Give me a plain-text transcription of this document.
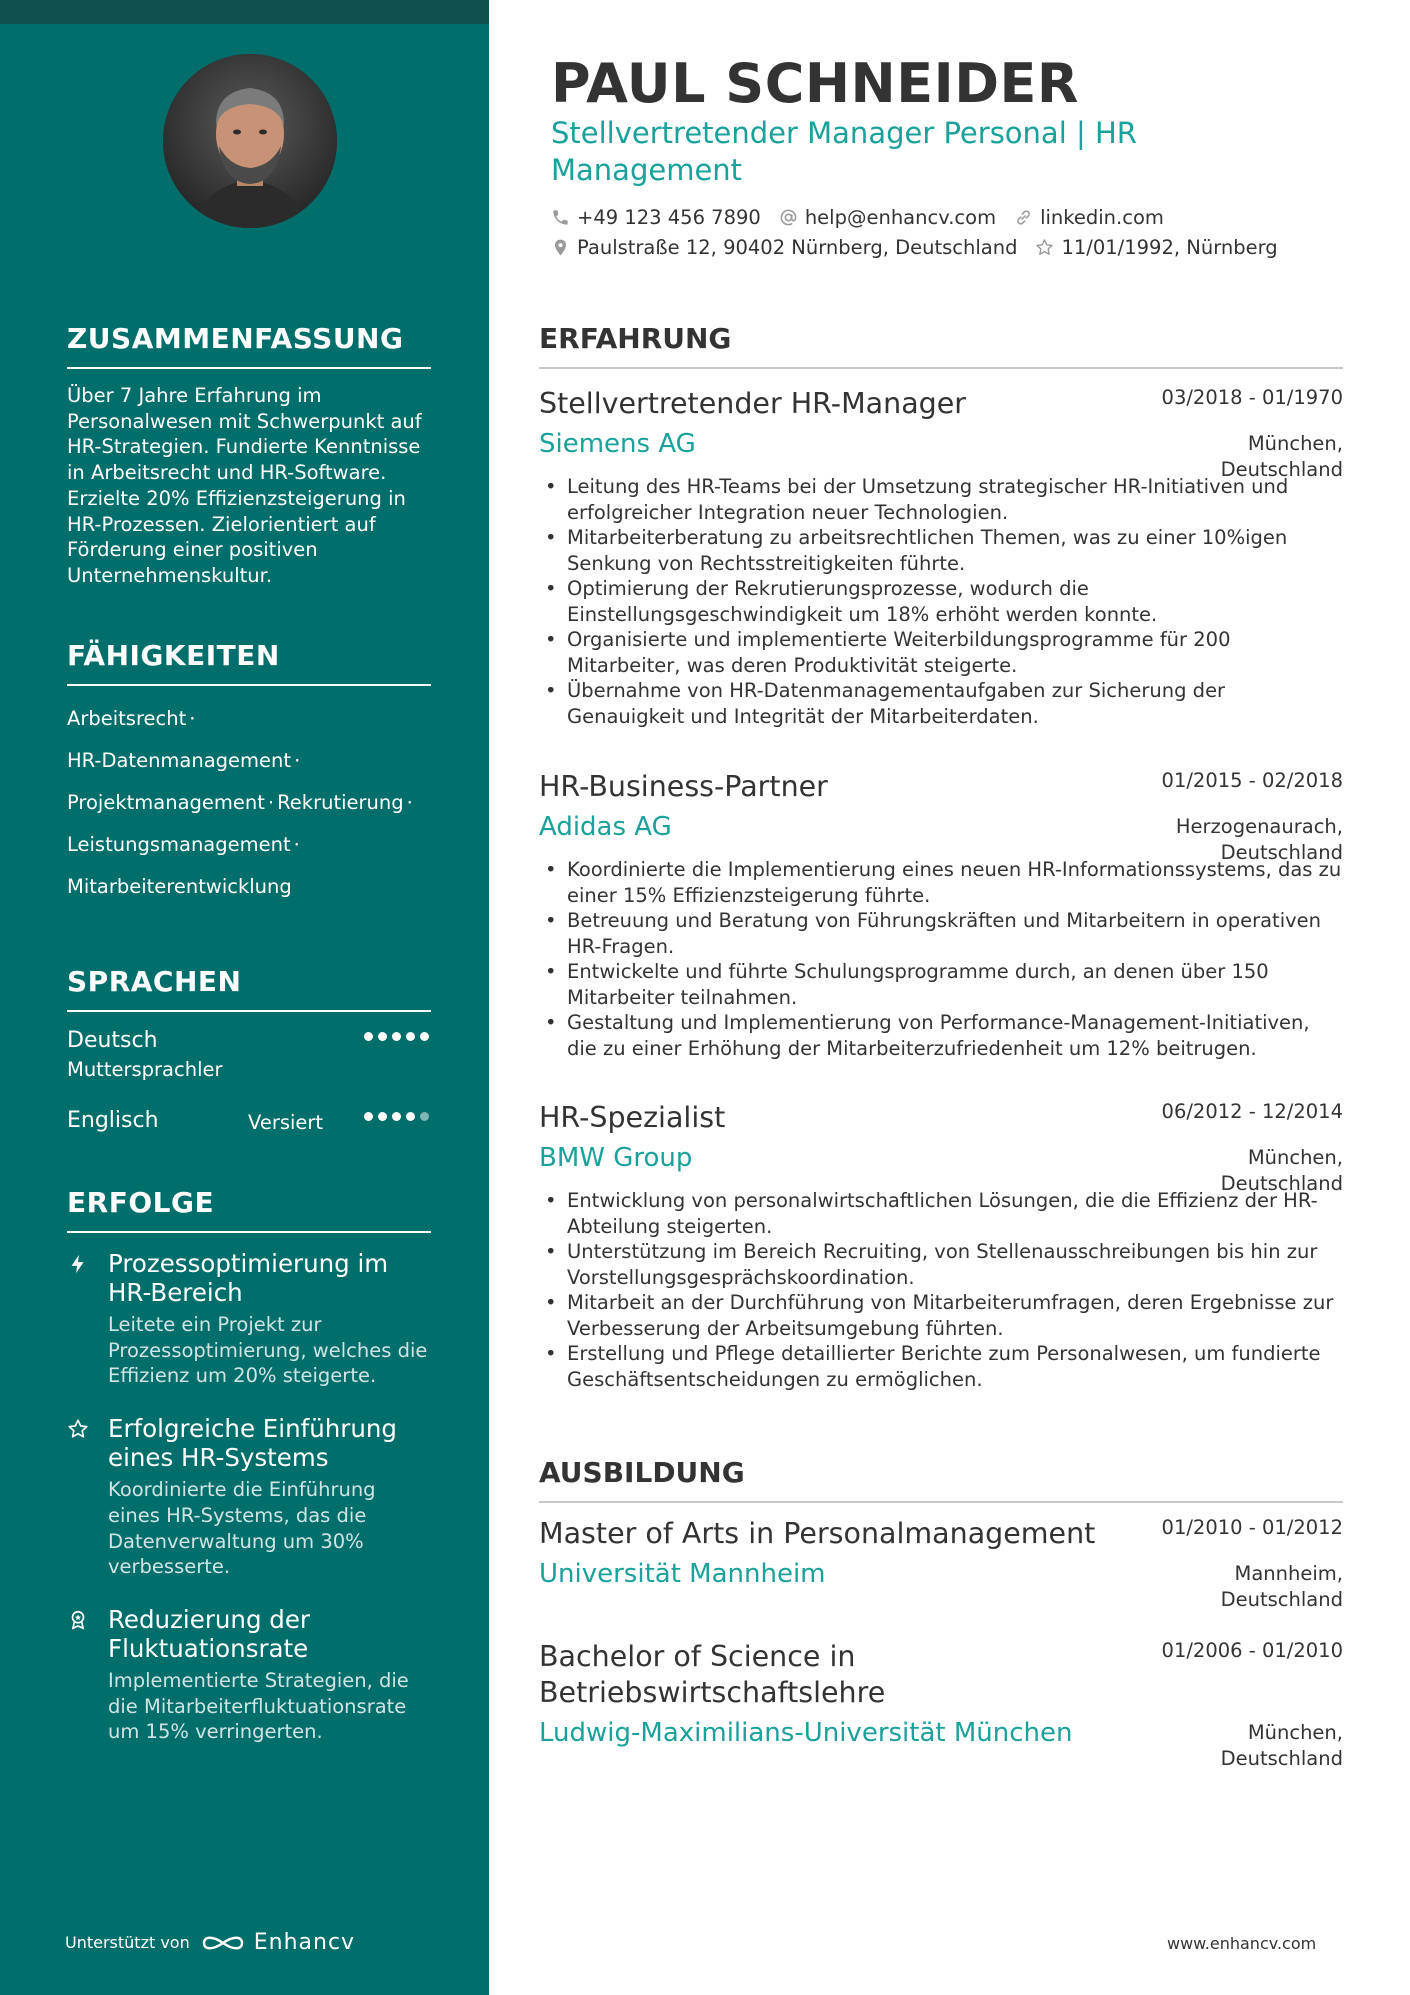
ZUSAMMENFASSUNG

Über 7 Jahre Erfahrung im Personalwesen mit Schwerpunkt auf HR-Strategien. Fundierte Kenntnisse in Arbeitsrecht und HR-Software. Erzielte 20% Effizienzsteigerung in HR-Prozessen. Zielorientiert auf Förderung einer positiven Unternehmenskultur.

FÄHIGKEITEN
Arbeitsrecht ·
HR-Datenmanagement ·
Projektmanagement · Rekrutierung ·
Leistungsmanagement ·
Mitarbeiterentwicklung
SPRACHEN
Deutsch
Muttersprachler
Englisch	Versiert
ERFOLGE
Prozessoptimierung im HR-Bereich
Leitete ein Projekt zur Prozessoptimierung, welches die Effizienz um 20% steigerte.
Erfolgreiche Einführung eines HR-Systems
Koordinierte die Einführung eines HR-Systems, das die Datenverwaltung um 30% verbesserte.
Reduzierung der Fluktuationsrate
Implementierte Strategien, die die Mitarbeiterfluktuationsrate um 15% verringerten.
Unterstützt von	Enhancv
PAUL SCHNEIDER
Stellvertretender Manager Personal | HR Management
+49 123 456 7890 help@enhancv.com linkedin.com
Paulstraße 12, 90402 Nürnberg, Deutschland 11/01/1992, Nürnberg
ERFAHRUNG
Stellvertretender HR-Manager	03/2018 - 01/1970
Siemens AG	München,
Deutschland
• Leitung des HR-Teams bei der Umsetzung strategischer HR-Initiativen und erfolgreicher Integration neuer Technologien.
• Mitarbeiterberatung zu arbeitsrechtlichen Themen, was zu einer 10%igen Senkung von Rechtsstreitigkeiten führte.
• Optimierung der Rekrutierungsprozesse, wodurch die Einstellungsgeschwindigkeit um 18% erhöht werden konnte.
• Organisierte und implementierte Weiterbildungsprogramme für 200 Mitarbeiter, was deren Produktivität steigerte.
• Übernahme von HR-Datenmanagementaufgaben zur Sicherung der Genauigkeit und Integrität der Mitarbeiterdaten.
HR-Business-Partner	01/2015 - 02/2018
Adidas AG	Herzogenaurach,
Deutschland
• Koordinierte die Implementierung eines neuen HR-Informationssystems, das zu einer 15% Effizienzsteigerung führte.
• Betreuung und Beratung von Führungskräften und Mitarbeitern in operativen HR-Fragen.
• Entwickelte und führte Schulungsprogramme durch, an denen über 150 Mitarbeiter teilnahmen.
• Gestaltung und Implementierung von Performance-Management-Initiativen, die zu einer Erhöhung der Mitarbeiterzufriedenheit um 12% beitrugen.
HR-Spezialist	06/2012 - 12/2014
BMW Group	München,
Deutschland
• Entwicklung von personalwirtschaftlichen Lösungen, die die Effizienz der HR-Abteilung steigerten.
• Unterstützung im Bereich Recruiting, von Stellenausschreibungen bis hin zur Vorstellungsgesprächskoordination.
• Mitarbeit an der Durchführung von Mitarbeiterumfragen, deren Ergebnisse zur Verbesserung der Arbeitsumgebung führten.
• Erstellung und Pflege detaillierter Berichte zum Personalwesen, um fundierte Geschäftsentscheidungen zu ermöglichen.
AUSBILDUNG
Master of Arts in Personalmanagement	01/2010 - 01/2012
Universität Mannheim	Mannheim,
Deutschland
Bachelor of Science in Betriebswirtschaftslehre
01/2006 - 01/2010
Ludwig-Maximilians-Universität München	München,
Deutschland
www.enhancv.com
